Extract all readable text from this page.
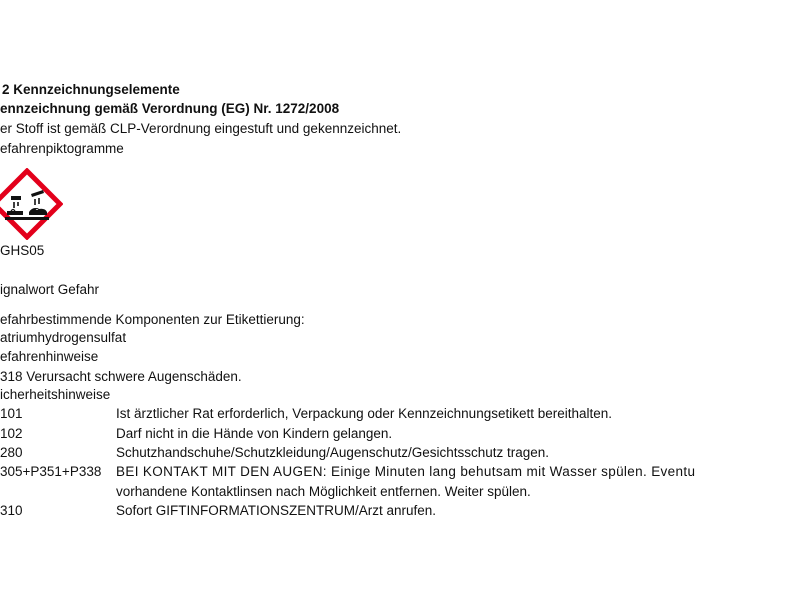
2 Kennzeichnungselemente
ennzeichnung gemäß Verordnung (EG) Nr. 1272/2008
er Stoff ist gemäß CLP-Verordnung eingestuft und gekennzeichnet.
efahrenpiktogramme
GHS05
ignalwort Gefahr
efahrbestimmende Komponenten zur Etikettierung:
atriumhydrogensulfat
efahrenhinweise
318 Verursacht schwere Augenschäden.
icherheitshinweise
101	Ist ärztlicher Rat erforderlich, Verpackung oder Kennzeichnungsetikett bereithalten.
102	Darf nicht in die Hände von Kindern gelangen.
280	Schutzhandschuhe/Schutzkleidung/Augenschutz/Gesichtsschutz tragen.
305+P351+P338 BEI KONTAKT MIT DEN AUGEN: Einige Minuten lang behutsam mit Wasser spülen. Eventu
vorhandene Kontaktlinsen nach Möglichkeit entfernen. Weiter spülen.
310	Sofort GIFTINFORMATIONSZENTRUM/Arzt anrufen.
